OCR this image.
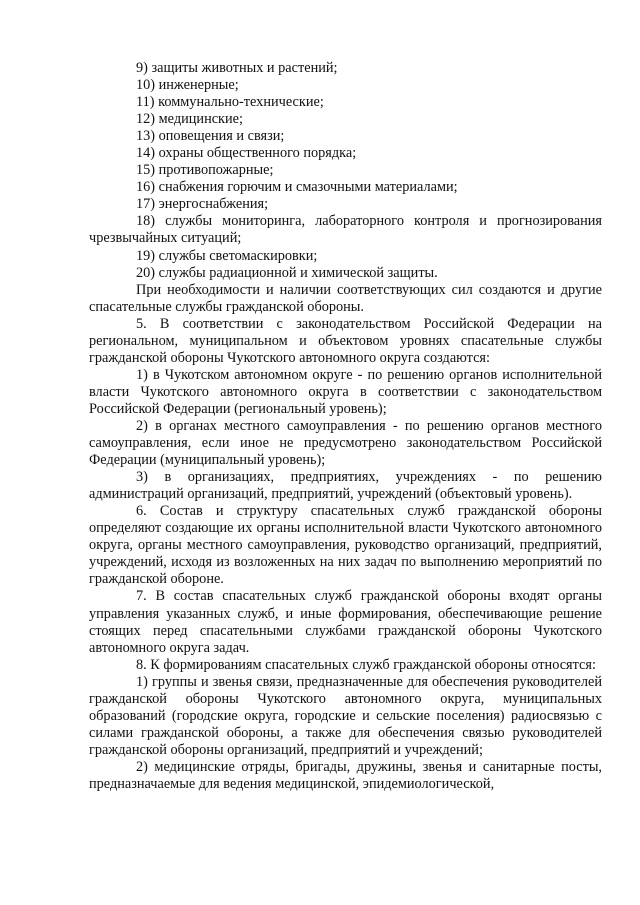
9) защиты животных и растений;

10) инженерные;

11) коммунально-технические;

12) медицинские;

13) оповещения и связи;

14) охраны общественного порядка;

15) противопожарные;

16) снабжения горючим и смазочными материалами;

17) энергоснабжения;

18) службы мониторинга, лабораторного контроля и прогнозирования чрезвычайных ситуаций;

19) службы светомаскировки;

20) службы радиационной и химической защиты.

При необходимости и наличии соответствующих сил создаются и другие спасательные службы гражданской обороны.

5. В соответствии с законодательством Российской Федерации на региональном, муниципальном и объектовом уровнях спасательные службы гражданской обороны Чукотского автономного округа создаются:

1) в Чукотском автономном округе - по решению органов исполнительной власти Чукотского автономного округа в соответствии с законодательством Российской Федерации (региональный уровень);

2) в органах местного самоуправления - по решению органов местного самоуправления, если иное не предусмотрено законодательством Российской Федерации (муниципальный уровень);

3) в организациях, предприятиях, учреждениях - по решению администраций организаций, предприятий, учреждений (объектовый уровень).

6. Состав и структуру спасательных служб гражданской обороны определяют создающие их органы исполнительной власти Чукотского автономного округа, органы местного самоуправления, руководство организаций, предприятий, учреждений, исходя из возложенных на них задач по выполнению мероприятий по гражданской обороне.

7. В состав спасательных служб гражданской обороны входят органы управления указанных служб, и иные формирования, обеспечивающие решение стоящих перед спасательными службами гражданской обороны Чукотского автономного округа задач.

8. К формированиям спасательных служб гражданской обороны относятся:

1) группы и звенья связи, предназначенные для обеспечения руководителей гражданской обороны Чукотского автономного округа, муниципальных образований (городские округа, городские и сельские поселения) радиосвязью с силами гражданской обороны, а также для обеспечения связью руководителей гражданской обороны организаций, предприятий и учреждений;

2) медицинские отряды, бригады, дружины, звенья и санитарные посты, предназначаемые для ведения медицинской, эпидемиологической,
